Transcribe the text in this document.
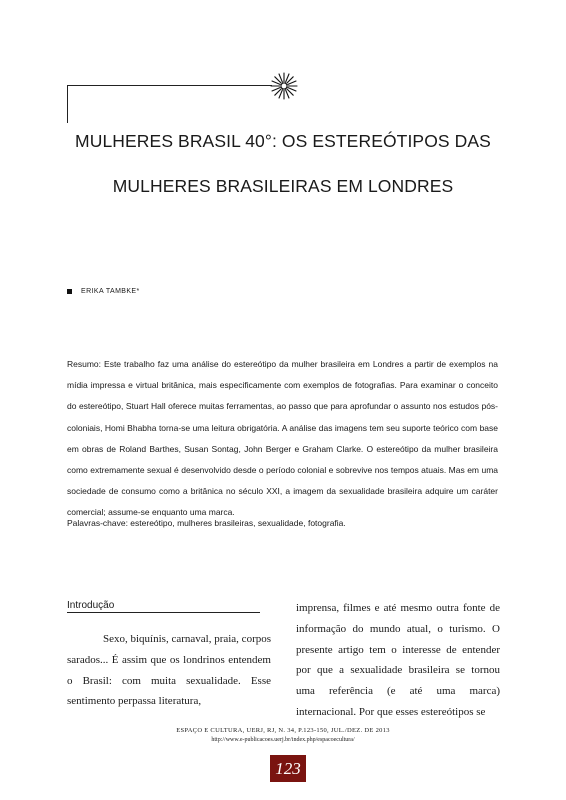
MULHERES BRASIL 40°: OS ESTEREÓTIPOS DAS
MULHERES BRASILEIRAS EM LONDRES
ERIKA TAMBKE*
Resumo: Este trabalho faz uma análise do estereótipo da mulher brasileira em Londres a partir de exemplos na mídia impressa e virtual britânica, mais especificamente com exemplos de fotografias. Para examinar o conceito do estereótipo, Stuart Hall oferece muitas ferramentas, ao passo que para aprofundar o assunto nos estudos pós-coloniais, Homi Bhabha torna-se uma leitura obrigatória. A análise das imagens tem seu suporte teórico com base em obras de Roland Barthes, Susan Sontag, John Berger e Graham Clarke. O estereótipo da mulher brasileira como extremamente sexual é desenvolvido desde o período colonial e sobrevive nos tempos atuais. Mas em uma sociedade de consumo como a britânica no século XXI, a imagem da sexualidade brasileira adquire um caráter comercial; assume-se enquanto uma marca.
Palavras-chave: estereótipo, mulheres brasileiras, sexualidade, fotografia.
Introdução

Sexo, biquínis, carnaval, praia, corpos sarados... É assim que os londrinos entendem o Brasil: com muita sexualidade. Esse sentimento perpassa literatura,

imprensa, filmes e até mesmo outra fonte de informação do mundo atual, o turismo. O presente artigo tem o interesse de entender por que a sexualidade brasileira se tornou uma referência (e até uma marca) internacional. Por que esses estereótipos se

ESPAÇO E CULTURA, UERJ, RJ, N. 34, P.123-150, JUL./DEZ. DE 2013
http://www.e-publicacoes.uerj.br/index.php/espacoecultura/
123
